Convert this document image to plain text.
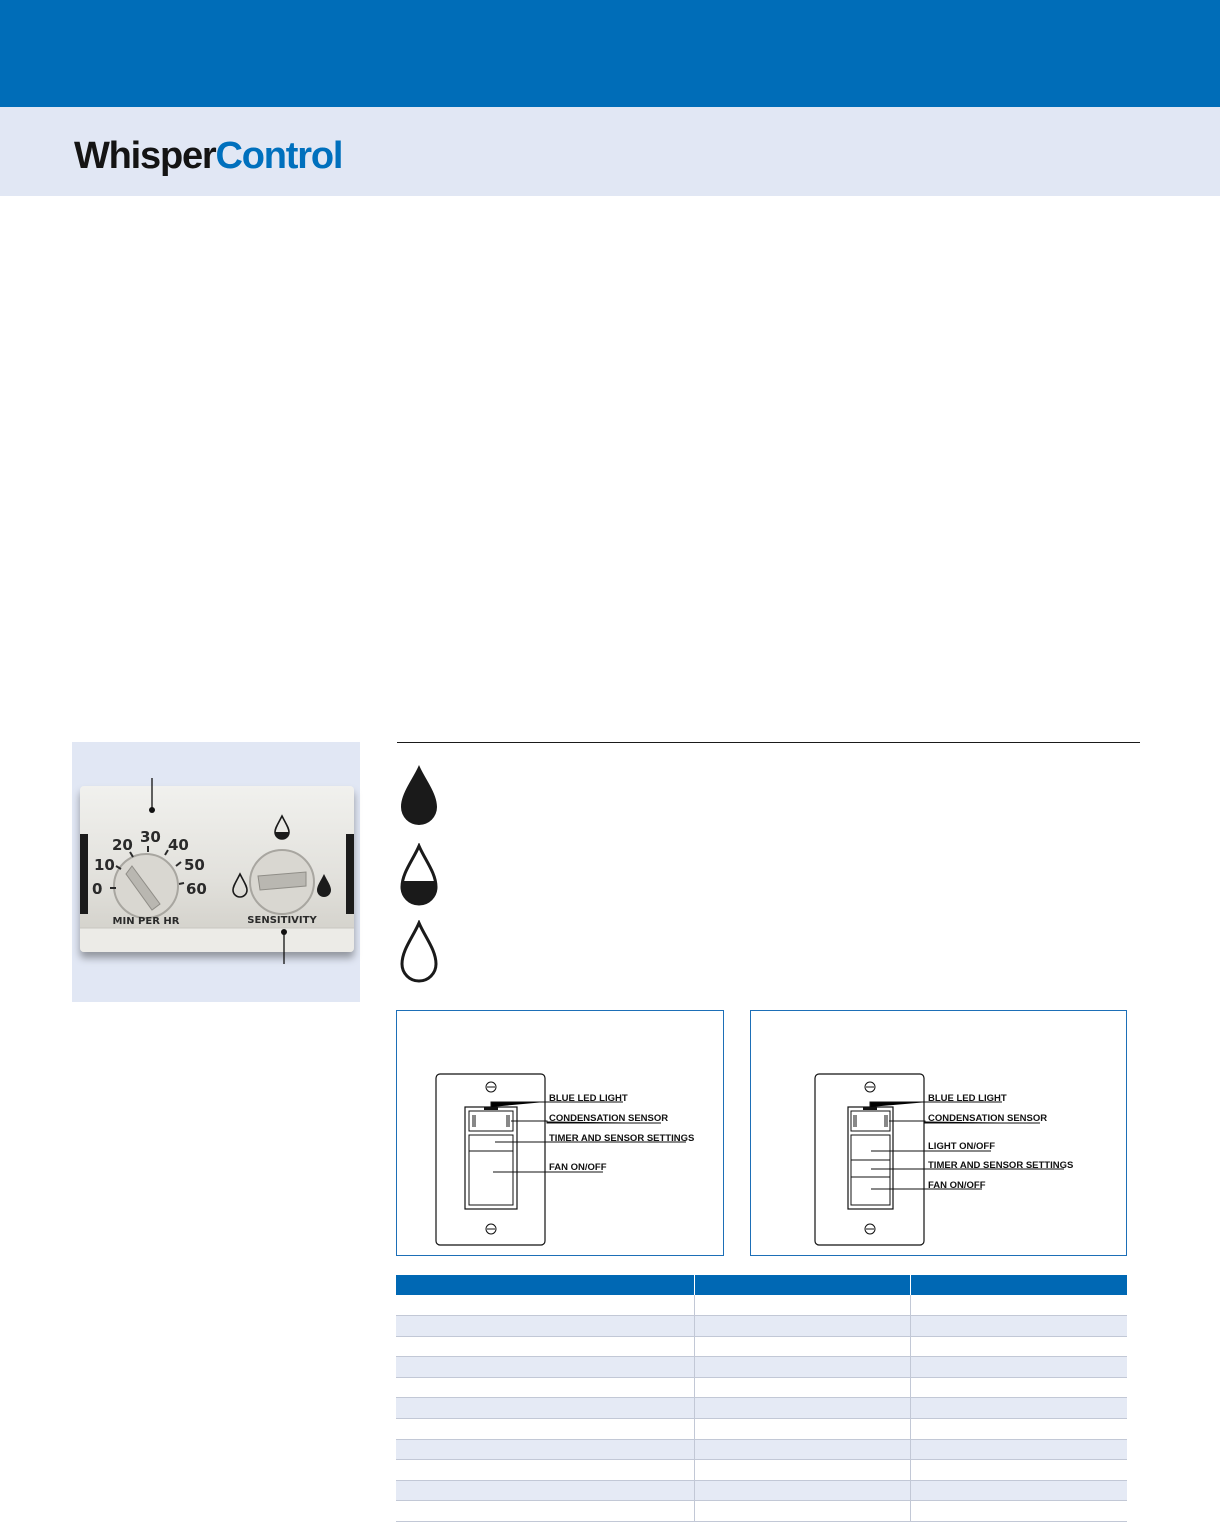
WhisperControl
0
10
20 30 40
50
60
MIN PER HR	SENSITIVITY
BLUE LED LIGHT
CONDENSATION SENSOR
TIMER AND SENSOR SETTINGS
FAN ON/OFF
BLUE LED LIGHT
CONDENSATION SENSOR
LIGHT ON/OFF
TIMER AND SENSOR SETTINGS
FAN ON/OFF
